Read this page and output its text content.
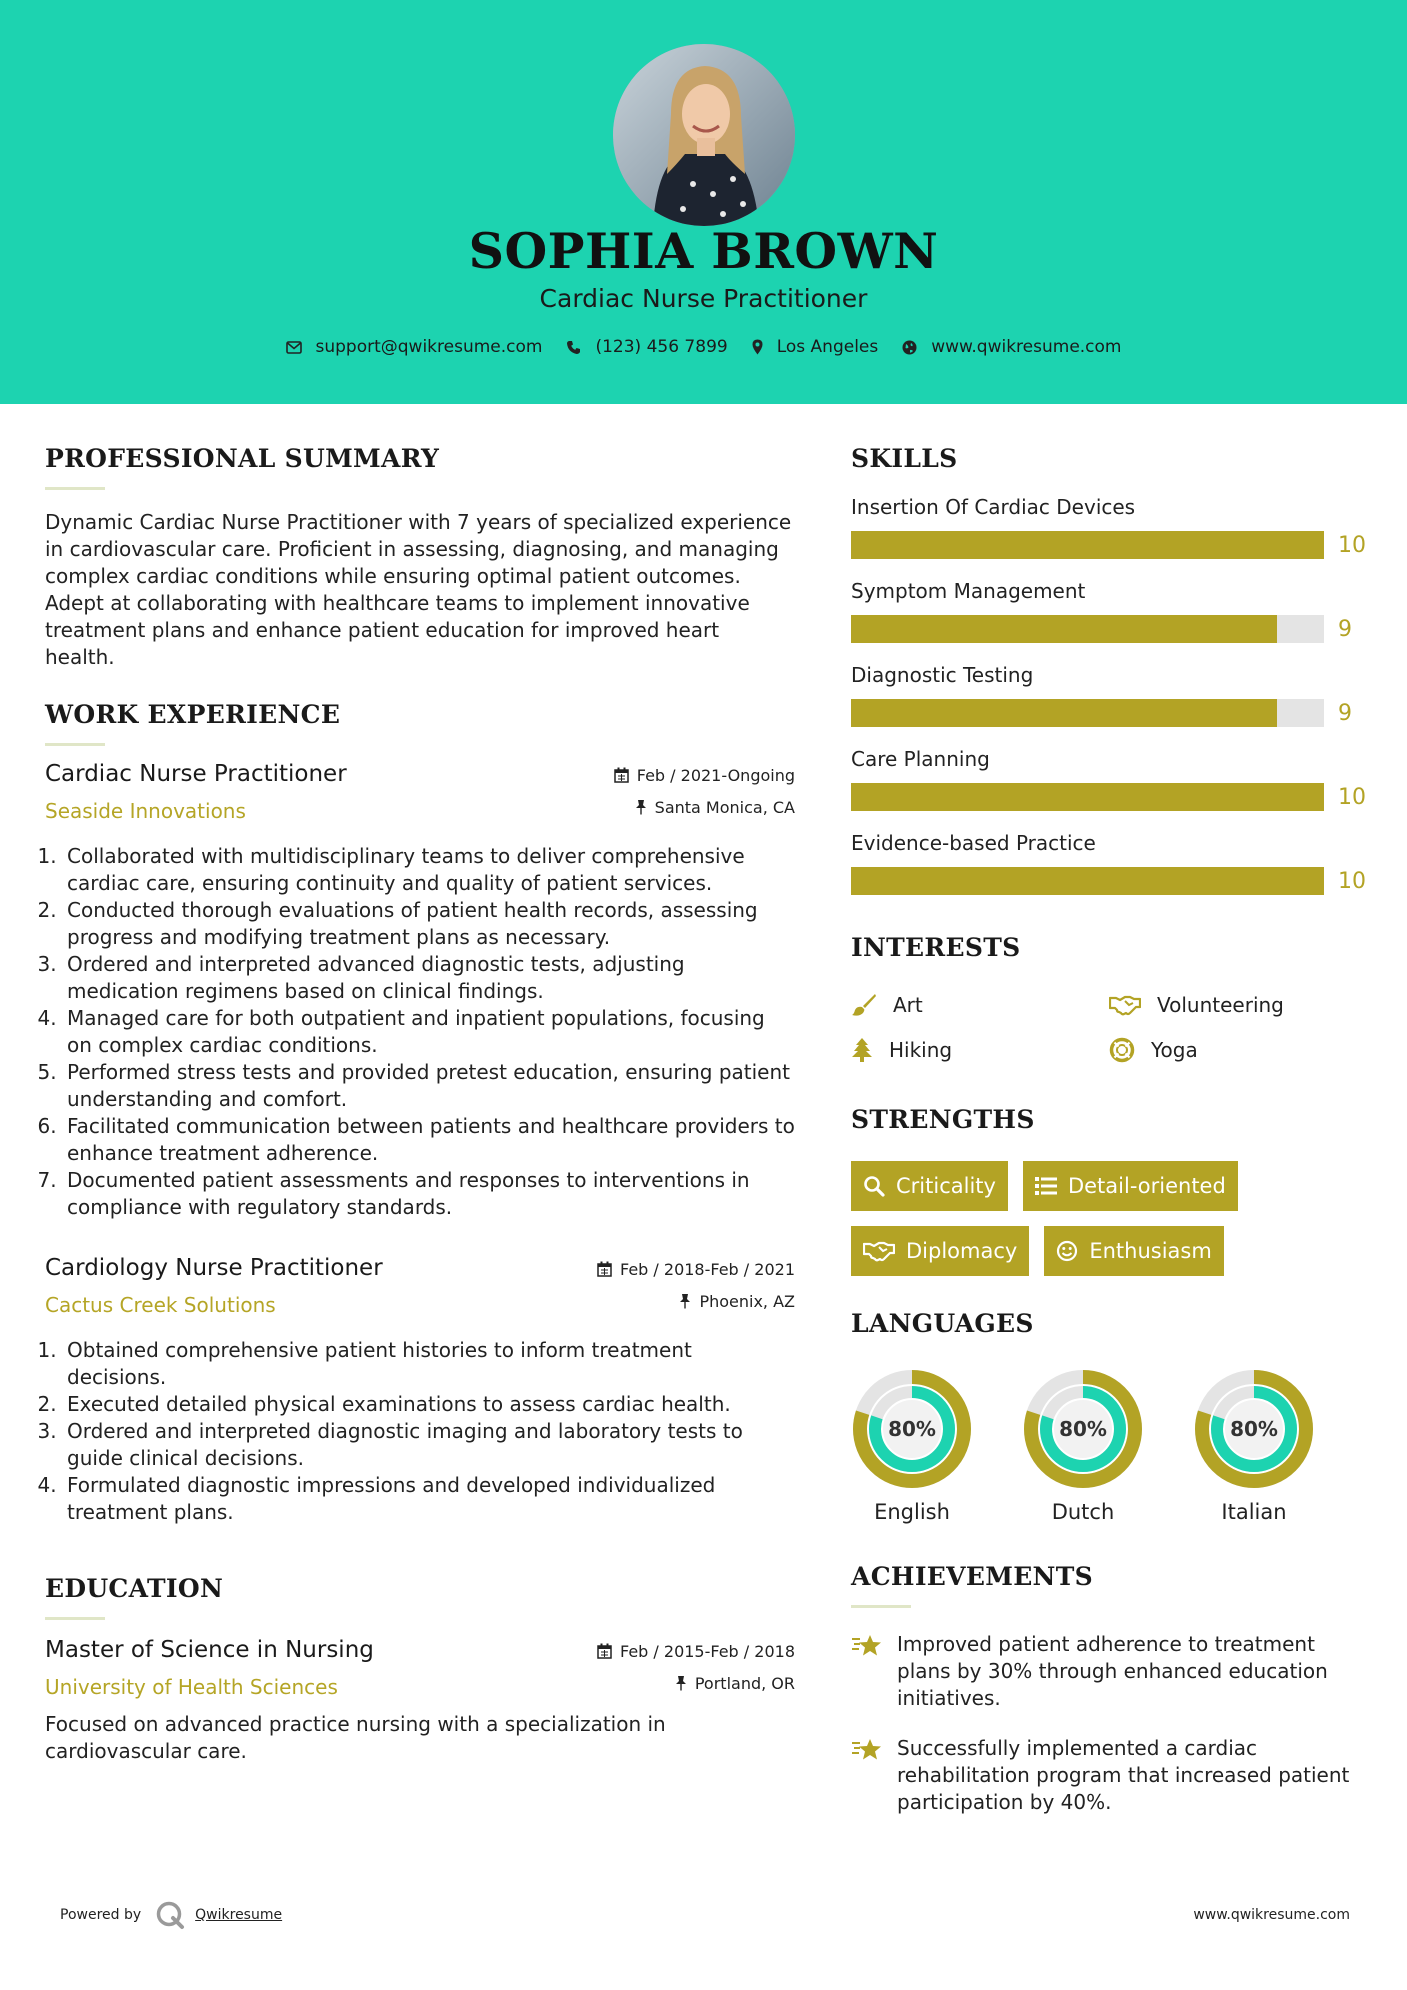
SOPHIA BROWN
Cardiac Nurse Practitioner
support@qwikresume.com	(123) 456 7899	Los Angeles	www.qwikresume.com
PROFESSIONAL SUMMARY
Dynamic Cardiac Nurse Practitioner with 7 years of specialized experience in cardiovascular care. Proficient in assessing, diagnosing, and managing complex cardiac conditions while ensuring optimal patient outcomes. Adept at collaborating with healthcare teams to implement innovative treatment plans and enhance patient education for improved heart health.
WORK EXPERIENCE
Cardiac Nurse Practitioner
Seaside Innovations
Feb / 2021-Ongoing
Santa Monica, CA
1. Collaborated with multidisciplinary teams to deliver comprehensive cardiac care, ensuring continuity and quality of patient services.
2. Conducted thorough evaluations of patient health records, assessing progress and modifying treatment plans as necessary.
3. Ordered and interpreted advanced diagnostic tests, adjusting medication regimens based on clinical findings.
4. Managed care for both outpatient and inpatient populations, focusing on complex cardiac conditions.
5. Performed stress tests and provided pretest education, ensuring patient understanding and comfort.
6. Facilitated communication between patients and healthcare providers to enhance treatment adherence.
7. Documented patient assessments and responses to interventions in compliance with regulatory standards.
Cardiology Nurse Practitioner
Cactus Creek Solutions
Feb / 2018-Feb / 2021
Phoenix, AZ
1. Obtained comprehensive patient histories to inform treatment decisions.
2. Executed detailed physical examinations to assess cardiac health.
3. Ordered and interpreted diagnostic imaging and laboratory tests to guide clinical decisions.
4. Formulated diagnostic impressions and developed individualized treatment plans.
EDUCATION
Master of Science in Nursing
University of Health Sciences
Feb / 2015-Feb / 2018
Portland, OR
Focused on advanced practice nursing with a specialization in cardiovascular care.
SKILLS
Insertion Of Cardiac Devices
10
Symptom Management
9
Diagnostic Testing
9
Care Planning
10
Evidence-based Practice
10
INTERESTS
Art	Volunteering
Hiking	Yoga
STRENGTHS
Criticality	Detail-oriented
Diplomacy	Enthusiasm
LANGUAGES
80%
English
80%
Dutch
80%
Italian
ACHIEVEMENTS
Improved patient adherence to treatment plans by 30% through enhanced education initiatives.
Successfully implemented a cardiac rehabilitation program that increased patient participation by 40%.
Powered by	Qwikresume	www.qwikresume.com
